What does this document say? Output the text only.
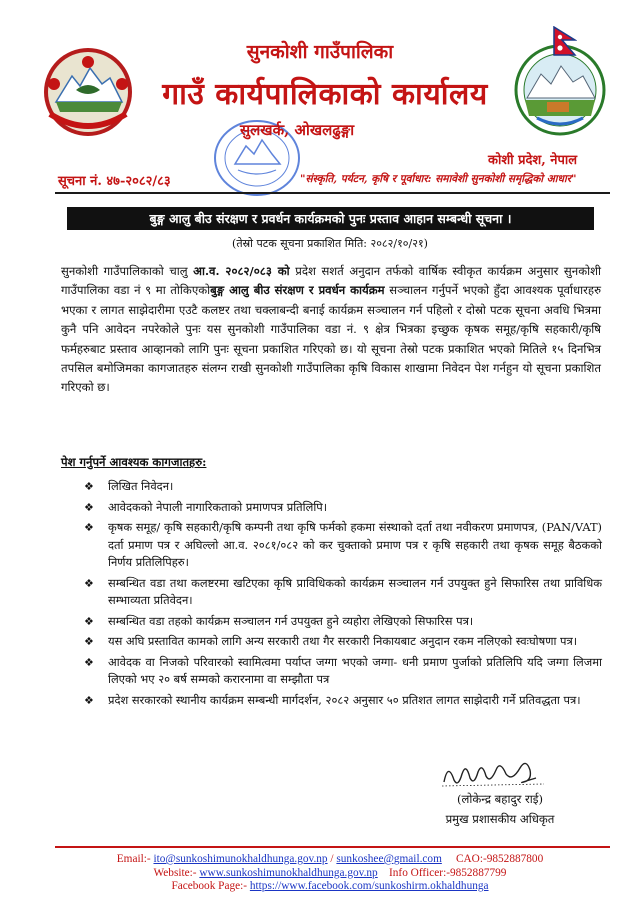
सुनकोशी गाउँपालिका
गाउँ कार्यपालिकाको कार्यालय
सुलखर्क, ओखलढुङ्गा
कोशी प्रदेश, नेपाल
सूचना नं. ४७-२०८२/८३	"संस्कृति, पर्यटन, कृषि र पूर्वाधार: समावेशी सुनकोशी समृद्धिको आधार"
बुङ्ग आलु बीउ संरक्षण र प्रवर्धन कार्यक्रमको पुनः प्रस्ताव आहान सम्बन्धी सूचना ।
(तेस्रो पटक सूचना प्रकाशित मिति: २०८२/१०/२१)
सुनकोशी गाउँपालिकाको चालु आ.व. २०८२/०८३ को प्रदेश सशर्त अनुदान तर्फको वार्षिक स्वीकृत कार्यक्रम अनुसार सुनकोशी गाउँपालिका वडा नं ९ मा तोकिएकोबुङ्ग आलु बीउ संरक्षण र प्रवर्धन कार्यक्रम सञ्चालन गर्नुपर्ने भएको हुँदा आवश्यक पूर्वाधारहरु भएका र लागत साझेदारीमा एउटै कलष्टर तथा चक्लाबन्दी बनाई कार्यक्रम सञ्चालन गर्न पहिलो र दोस्रो पटक सूचना अवधि भित्रमा कुनै पनि आवेदन नपरेकोले पुनः यस सुनकोशी गाउँपालिका वडा नं. ९ क्षेत्र भित्रका इच्छुक कृषक समूह/कृषि सहकारी/कृषि फर्महरुबाट प्रस्ताव आव्हानको लागि पुनः सूचना प्रकाशित गरिएको छ। यो सूचना तेस्रो पटक प्रकाशित भएको मितिले १५ दिनभित्र तपसिल बमोजिमका कागजातहरु संलग्न राखी सुनकोशी गाउँपालिका कृषि विकास शाखामा निवेदन पेश गर्नहुन यो सूचना प्रकाशित गरिएको छ।
पेश गर्नुपर्ने आवश्यक कागजातहरु:
❖ लिखित निवेदन।
❖ आवेदकको नेपाली नागारिकताको प्रमाणपत्र प्रतिलिपि।
❖ कृषक समूह/ कृषि सहकारी/कृषि कम्पनी तथा कृषि फर्मको हकमा संस्थाको दर्ता तथा नवीकरण प्रमाणपत्र, (PAN/VAT) दर्ता प्रमाण पत्र र अघिल्लो आ.व. २०८१/०८२ को कर चुक्ताको प्रमाण पत्र र कृषि सहकारी तथा कृषक समूह बैठकको निर्णय प्रतिलिपिहरु।
❖ सम्बन्धित वडा तथा कलष्टरमा खटिएका कृषि प्राविधिकको कार्यक्रम सञ्चालन गर्न उपयुक्त हुने सिफारिस तथा प्राविधिक सम्भाव्यता प्रतिवेदन।
❖ सम्बन्धित वडा तहको कार्यक्रम सञ्चालन गर्न उपयुक्त हुने व्यहोरा लेखिएको सिफारिस पत्र।
❖ यस अघि प्रस्तावित कामको लागि अन्य सरकारी तथा गैर सरकारी निकायबाट अनुदान रकम नलिएको स्वःघोषणा पत्र।
❖ आवेदक वा निजको परिवारको स्वामित्वमा पर्याप्त जग्गा भएको जग्गा- धनी प्रमाण पुर्जाको प्रतिलिपि यदि जग्गा लिजमा लिएको भए २० बर्ष सम्मको करारनामा वा सम्झौता पत्र
❖ प्रदेश सरकारको स्थानीय कार्यक्रम सम्बन्धी मार्गदर्शन, २०८२ अनुसार ५० प्रतिशत लागत साझेदारी गर्ने प्रतिवद्धता पत्र।
(लोकेन्द्र बहादुर राई)
प्रमुख प्रशासकीय अधिकृत
Email:- ito@sunkoshimunokhaldhunga.gov.np / sunkoshee@gmail.com     CAO:-9852887800
Website:- www.sunkoshimunokhaldhunga.gov.np    Info Officer:-9852887799
Facebook Page:- https://www.facebook.com/sunkoshirm.okhaldhunga
